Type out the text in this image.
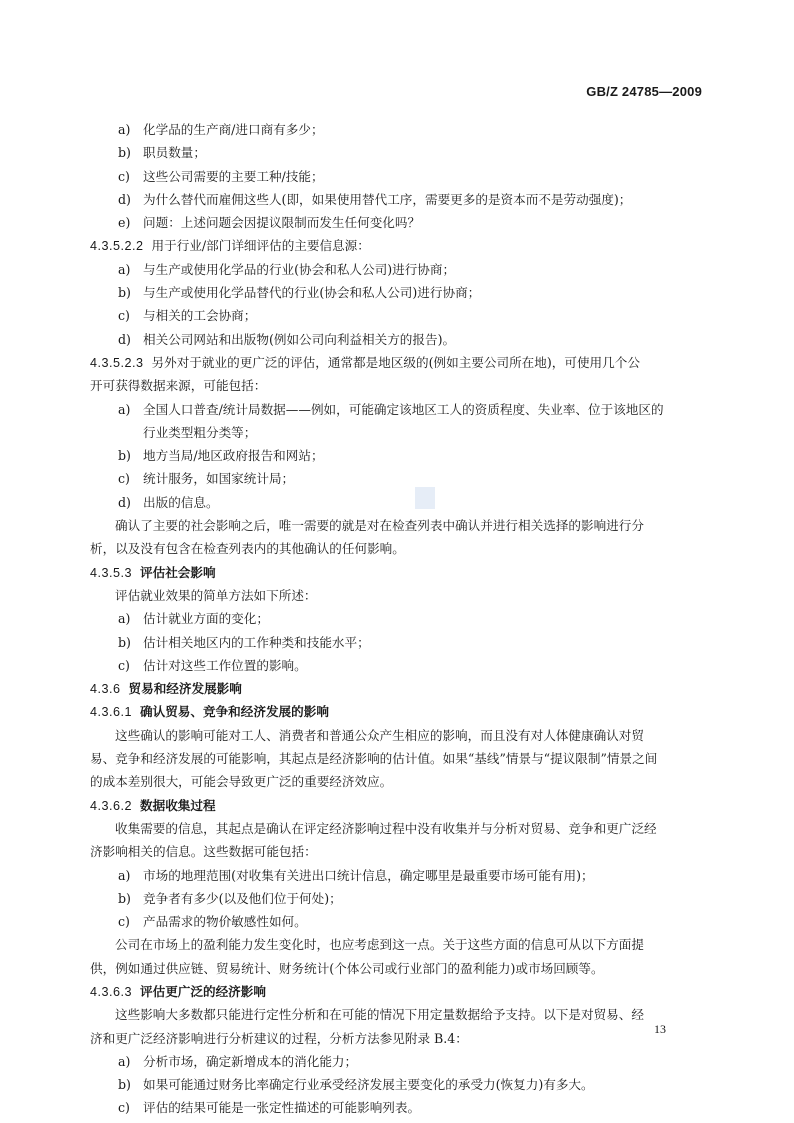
GB/Z 24785—2009
a) 化学品的生产商/进口商有多少；
b) 职员数量；
c) 这些公司需要的主要工种/技能；
d) 为什么替代而雇佣这些人(即，如果使用替代工序，需要更多的是资本而不是劳动强度)；
e) 问题：上述问题会因提议限制而发生任何变化吗？
4.3.5.2.2 用于行业/部门详细评估的主要信息源：
a) 与生产或使用化学品的行业(协会和私人公司)进行协商；
b) 与生产或使用化学品替代的行业(协会和私人公司)进行协商；
c) 与相关的工会协商；
d) 相关公司网站和出版物(例如公司向利益相关方的报告)。
4.3.5.2.3 另外对于就业的更广泛的评估，通常都是地区级的(例如主要公司所在地)，可使用几个公
开可获得数据来源，可能包括：
a) 全国人口普查/统计局数据——例如，可能确定该地区工人的资质程度、失业率、位于该地区的
行业类型粗分类等；
b) 地方当局/地区政府报告和网站；
c) 统计服务，如国家统计局；
d) 出版的信息。
确认了主要的社会影响之后，唯一需要的就是对在检查列表中确认并进行相关选择的影响进行分
析，以及没有包含在检查列表内的其他确认的任何影响。
4.3.5.3 评估社会影响
评估就业效果的简单方法如下所述：
a) 估计就业方面的变化；
b) 估计相关地区内的工作种类和技能水平；
c) 估计对这些工作位置的影响。
4.3.6 贸易和经济发展影响
4.3.6.1 确认贸易、竞争和经济发展的影响
这些确认的影响可能对工人、消费者和普通公众产生相应的影响，而且没有对人体健康确认对贸
易、竞争和经济发展的可能影响，其起点是经济影响的估计值。如果“基线”情景与“提议限制”情景之间
的成本差别很大，可能会导致更广泛的重要经济效应。
4.3.6.2 数据收集过程
收集需要的信息，其起点是确认在评定经济影响过程中没有收集并与分析对贸易、竞争和更广泛经
济影响相关的信息。这些数据可能包括：
a) 市场的地理范围(对收集有关进出口统计信息，确定哪里是最重要市场可能有用)；
b) 竞争者有多少(以及他们位于何处)；
c) 产品需求的物价敏感性如何。
公司在市场上的盈利能力发生变化时，也应考虑到这一点。关于这些方面的信息可从以下方面提
供，例如通过供应链、贸易统计、财务统计(个体公司或行业部门的盈利能力)或市场回顾等。
4.3.6.3 评估更广泛的经济影响
这些影响大多数都只能进行定性分析和在可能的情况下用定量数据给予支持。以下是对贸易、经
济和更广泛经济影响进行分析建议的过程，分析方法参见附录 B.4：
a) 分析市场，确定新增成本的消化能力；
b) 如果可能通过财务比率确定行业承受经济发展主要变化的承受力(恢复力)有多大。
c) 评估的结果可能是一张定性描述的可能影响列表。
13
